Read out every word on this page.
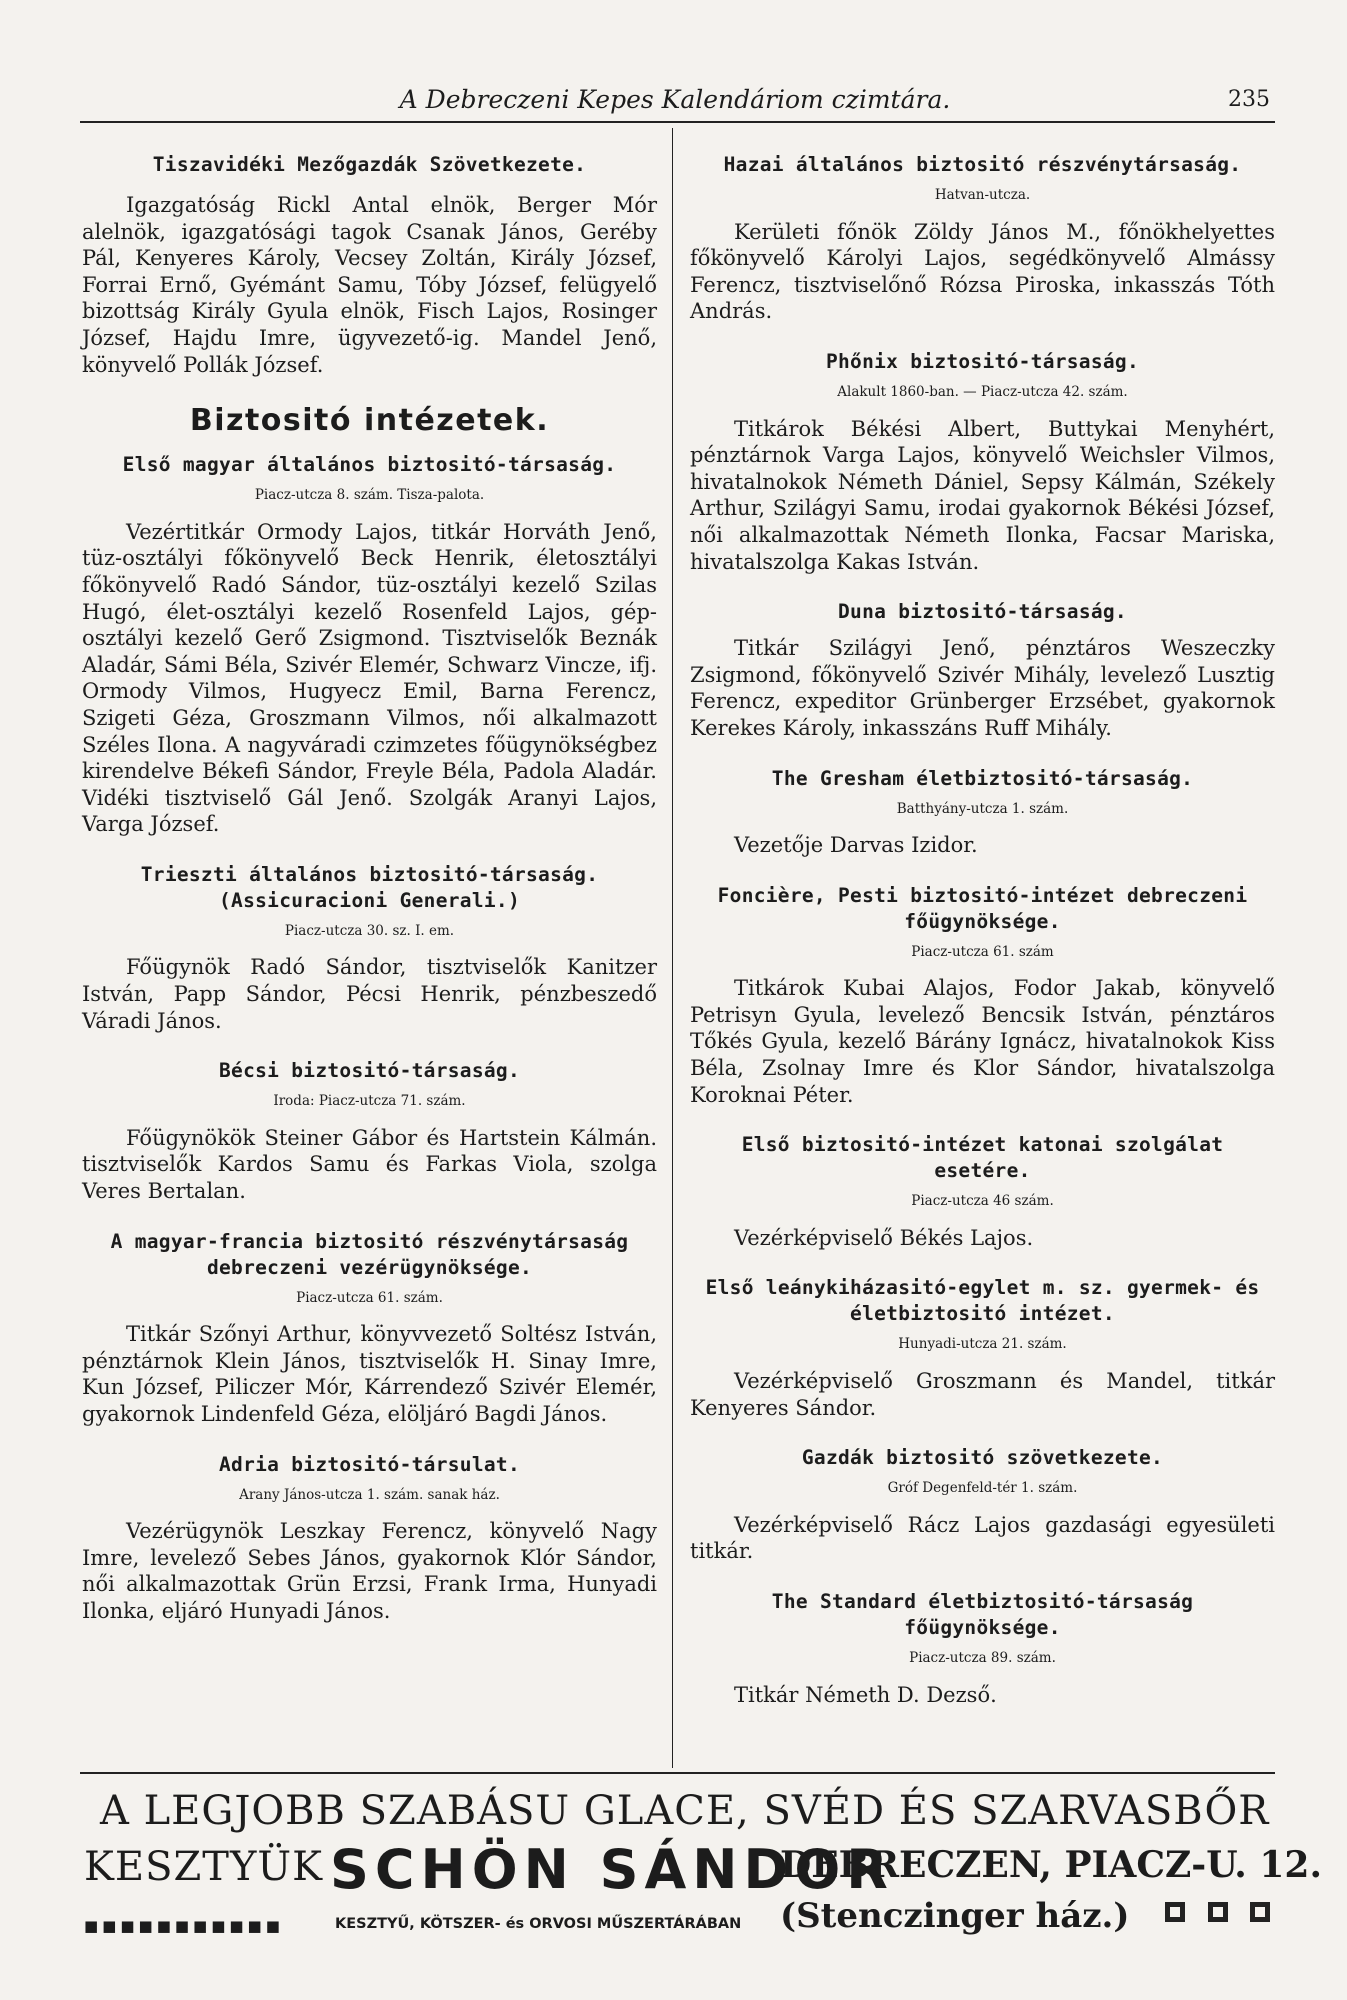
A Debreczeni Kepes Kalendáriom czimtára.	235
Tiszavidéki Mezőgazdák Szövetkezete.
Igazgatóság Rickl Antal elnök, Berger Mór alelnök, igazgatósági tagok Csanak János, Geréby Pál, Kenyeres Károly, Vecsey Zoltán, Király József, Forrai Ernő, Gyémánt Samu, Tóby József, felügyelő bizottság Király Gyula elnök, Fisch Lajos, Rosinger József, Hajdu Imre, ügyvezető-ig. Mandel Jenő, könyvelő Pollák József.
Biztositó intézetek.
Első magyar általános biztositó-társaság.
Piacz-utcza 8. szám. Tisza-palota.
Vezértitkár Ormody Lajos, titkár Horváth Jenő, tüz-osztályi főkönyvelő Beck Henrik, életosztályi főkönyvelő Radó Sándor, tüz-osztályi kezelő Szilas Hugó, élet-osztályi kezelő Rosenfeld Lajos, gép-osztályi kezelő Gerő Zsigmond. Tisztviselők Beznák Aladár, Sámi Béla, Szivér Elemér, Schwarz Vincze, ifj. Ormody Vilmos, Hugyecz Emil, Barna Ferencz, Szigeti Géza, Groszmann Vilmos, női alkalmazott Széles Ilona. A nagyváradi czimzetes főügynökségbez kirendelve Békefi Sándor, Freyle Béla, Padola Aladár. Vidéki tisztviselő Gál Jenő. Szolgák Aranyi Lajos, Varga József.
Trieszti általános biztositó-társaság. (Assicuracioni Generali.)
Piacz-utcza 30. sz. I. em.
Főügynök Radó Sándor, tisztviselők Kanitzer István, Papp Sándor, Pécsi Henrik, pénzbeszedő Váradi János.
Bécsi biztositó-társaság.
Iroda: Piacz-utcza 71. szám.
Főügynökök Steiner Gábor és Hartstein Kálmán. tisztviselők Kardos Samu és Farkas Viola, szolga Veres Bertalan.
A magyar-francia biztositó részvénytársaság debreczeni vezérügynöksége.
Piacz-utcza 61. szám.
Titkár Szőnyi Arthur, könyvvezető Soltész István, pénztárnok Klein János, tisztviselők H. Sinay Imre, Kun József, Piliczer Mór, Kárrendező Szivér Elemér, gyakornok Lindenfeld Géza, elöljáró Bagdi János.
Adria biztositó-társulat.
Arany János-utcza 1. szám. sanak ház.
Vezérügynök Leszkay Ferencz, könyvelő Nagy Imre, levelező Sebes János, gyakornok Klór Sándor, női alkalmazottak Grün Erzsi, Frank Irma, Hunyadi Ilonka, eljáró Hunyadi János.
Hazai általános biztositó részvénytársaság.
Hatvan-utcza.
Kerületi főnök Zöldy János M., főnökhelyettes főkönyvelő Károlyi Lajos, segédkönyvelő Almássy Ferencz, tisztviselőnő Rózsa Piroska, inkasszás Tóth András.
Phőnix biztositó-társaság.
Alakult 1860-ban. — Piacz-utcza 42. szám.
Titkárok Békési Albert, Buttykai Menyhért, pénztárnok Varga Lajos, könyvelő Weichsler Vilmos, hivatalnokok Németh Dániel, Sepsy Kálmán, Székely Arthur, Szilágyi Samu, irodai gyakornok Békési József, női alkalmazottak Németh Ilonka, Facsar Mariska, hivatalszolga Kakas István.
Duna biztositó-társaság.
Titkár Szilágyi Jenő, pénztáros Weszeczky Zsigmond, főkönyvelő Szivér Mihály, levelező Lusztig Ferencz, expeditor Grünberger Erzsébet, gyakornok Kerekes Károly, inkasszáns Ruff Mihály.
The Gresham életbiztositó-társaság.
Batthyány-utcza 1. szám.
Vezetője Darvas Izidor.
Foncière, Pesti biztositó-intézet debreczeni főügynöksége.
Piacz-utcza 61. szám
Titkárok Kubai Alajos, Fodor Jakab, könyvelő Petrisyn Gyula, levelező Bencsik István, pénztáros Tőkés Gyula, kezelő Bárány Ignácz, hivatalnokok Kiss Béla, Zsolnay Imre és Klor Sándor, hivatalszolga Koroknai Péter.
Első biztositó-intézet katonai szolgálat esetére.
Piacz-utcza 46 szám.
Vezérképviselő Békés Lajos.
Első leánykiházasitó-egylet m. sz. gyermek- és életbiztositó intézet.
Hunyadi-utcza 21. szám.
Vezérképviselő Groszmann és Mandel, titkár Kenyeres Sándor.
Gazdák biztositó szövetkezete.
Gróf Degenfeld-tér 1. szám.
Vezérképviselő Rácz Lajos gazdasági egyesületi titkár.
The Standard életbiztositó-társaság főügynöksége.
Piacz-utcza 89. szám.
Titkár Németh D. Dezső.
A LEGJOBB SZABÁSU GLACE, SVÉD ÉS SZARVASBŐR
KESZTYÜK SCHÖN SÁNDOR
DEBRECZEN, PIACZ-U. 12.
■■■■■■■■■■■	KESZTYŰ, KÖTSZER- és ORVOSI MŰSZERTÁRÁBAN (Stenczinger ház.)
